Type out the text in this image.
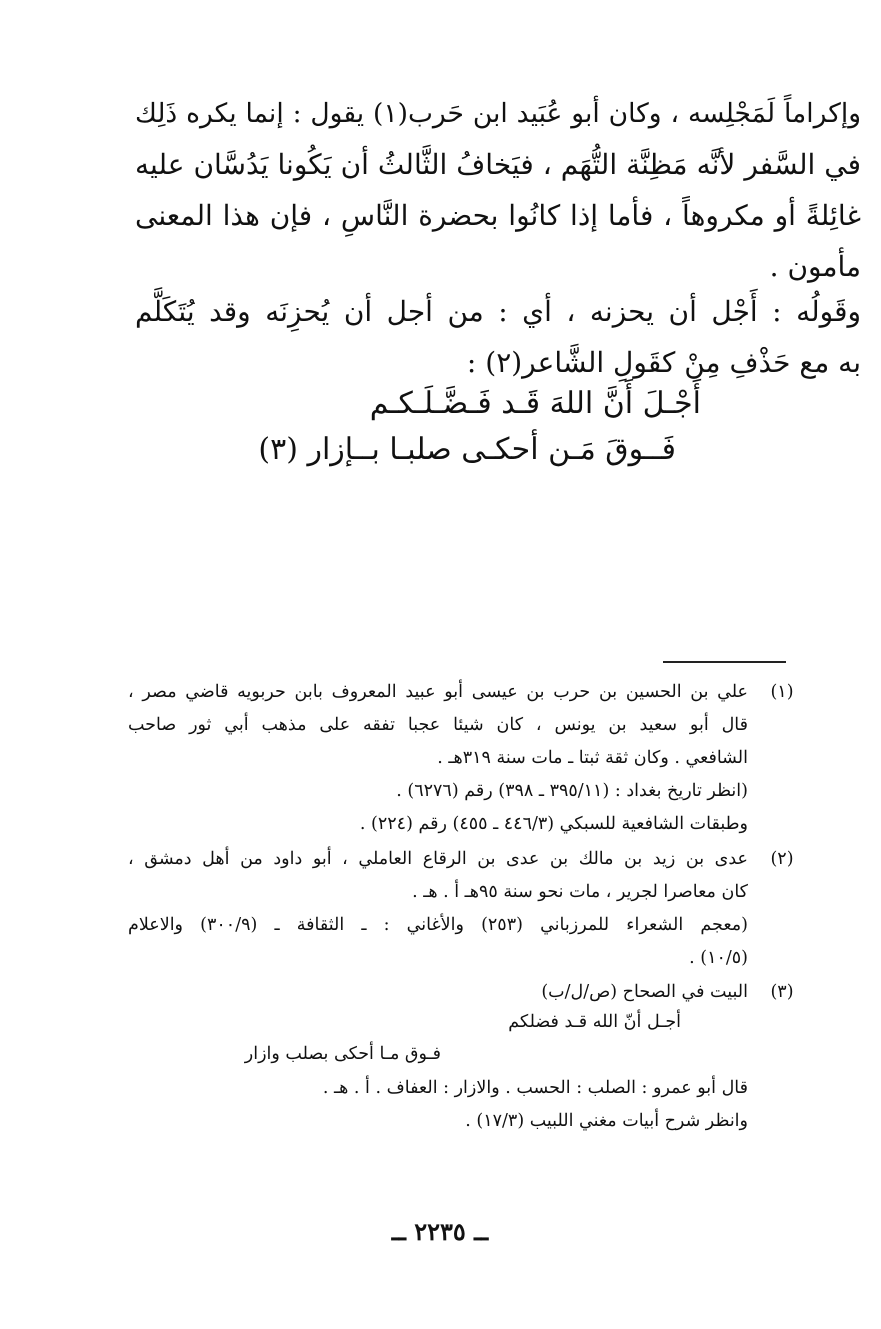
وإكراماً لَمَجْلِسه ، وكان أبو عُبَيد ابن حَرب(١) يقول : إنما يكره ذَلِك
في السَّفر لأنَّه مَظِنَّة التُّهَم ، فيَخافُ الثَّالثُ أن يَكُونا يَدُسَّان عليه
غائِلةً أو مكروهاً ، فأما إذا كانُوا بحضرة النَّاسِ ، فإن هذا المعنى
مأمون .
وقَولُه : أَجْل أن يحزنه ، أي : من أجل أن يُحزِنَه وقد يُتَكَلَّم
به مع حَذْفِ مِنْ كقَولِ الشَّاعر(٢) :
أَجْـلَ أَنَّ اللهَ قَـد فَـضَّـلَـكـم
فَــوقَ مَـن أحكـى صلبـا بــإزار (٣)
(١)
علي بن الحسين بن حرب بن عيسى أبو عبيد المعروف بابن حربويه قاضي مصر ،
قال أبو سعيد بن يونس ، كان شيئا عجبا تفقه على مذهب أبي ثور صاحب
الشافعي . وكان ثقة ثبتا ـ مات سنة ٣١٩هـ .
(انظر تاريخ بغداد : (٣٩٥/١١ ـ ٣٩٨) رقم (٦٢٧٦) .
وطبقات الشافعية للسبكي (٤٤٦/٣ ـ ٤٥٥) رقم (٢٢٤) .
(٢)
عدى بن زيد بن مالك بن عدى بن الرقاع العاملي ، أبو داود من أهل دمشق ،
كان معاصرا لجرير ، مات نحو سنة ٩٥هـ أ . هـ .
(معجم الشعراء للمرزباني (٢٥٣) والأغاني : ـ الثقافة ـ (٣٠٠/٩) والاعلام
(١٠/٥) .
(٣)
البيت في الصحاح (ص/ل/ب)
أجـل أنّ الله قـد فضلكم
فـوق مـا أحكى بصلب وازار
قال أبو عمرو : الصلب : الحسب . والازار : العفاف . أ . هـ .
وانظر شرح أبيات مغني اللبيب (١٧/٣) .
ــ ٢٢٣٥ ــ
